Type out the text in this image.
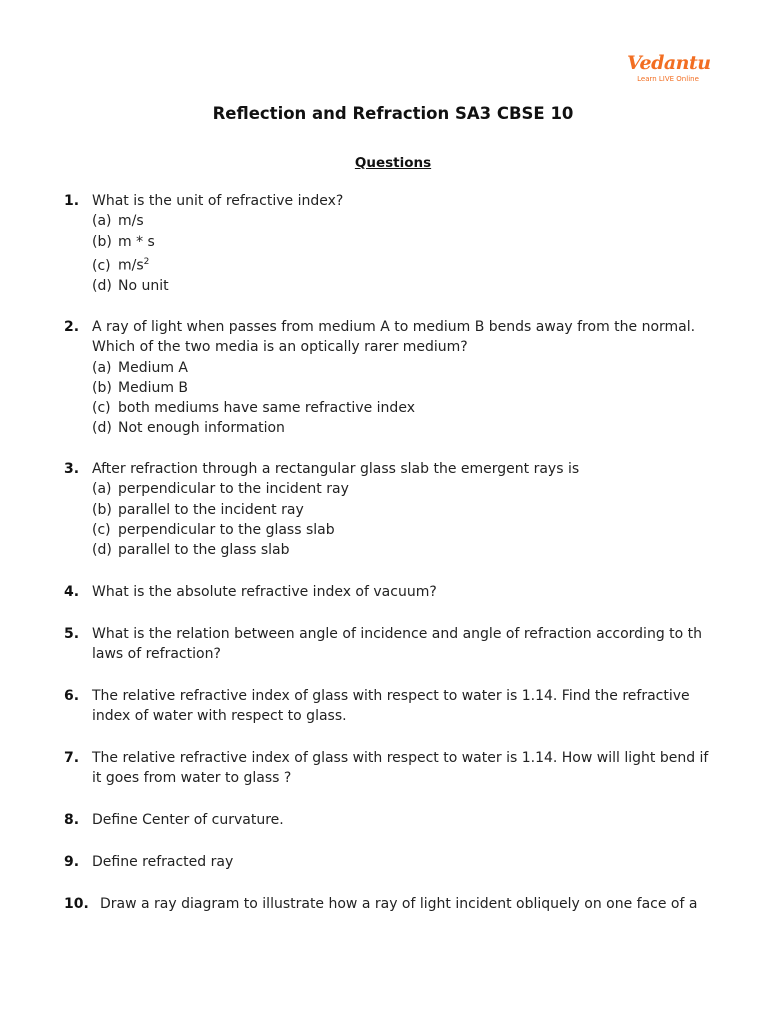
Vedantu
Learn LIVE Online
Reflection and Refraction SA3 CBSE 10
Questions
1. What is the unit of refractive index?
(a) m/s
(b) m * s
(c) $m/s^2$
(d) No unit
2. A ray of light when passes from medium A to medium B bends away from the normal.
Which of the two media is an optically rarer medium?
(a) Medium A
(b) Medium B
(c) both mediums have same refractive index
(d) Not enough information
3. After refraction through a rectangular glass slab the emergent rays is
(a) perpendicular to the incident ray
(b) parallel to the incident ray
(c) perpendicular to the glass slab
(d) parallel to the glass slab
4. What is the absolute refractive index of vacuum?
5. What is the relation between angle of incidence and angle of refraction according to th
laws of refraction?
6. The relative refractive index of glass with respect to water is 1.14. Find the refractive
index of water with respect to glass.
7. The relative refractive index of glass with respect to water is 1.14. How will light bend if
it goes from water to glass ?
8. Define Center of curvature.
9. Define refracted ray
10. Draw a ray diagram to illustrate how a ray of light incident obliquely on one face of a
